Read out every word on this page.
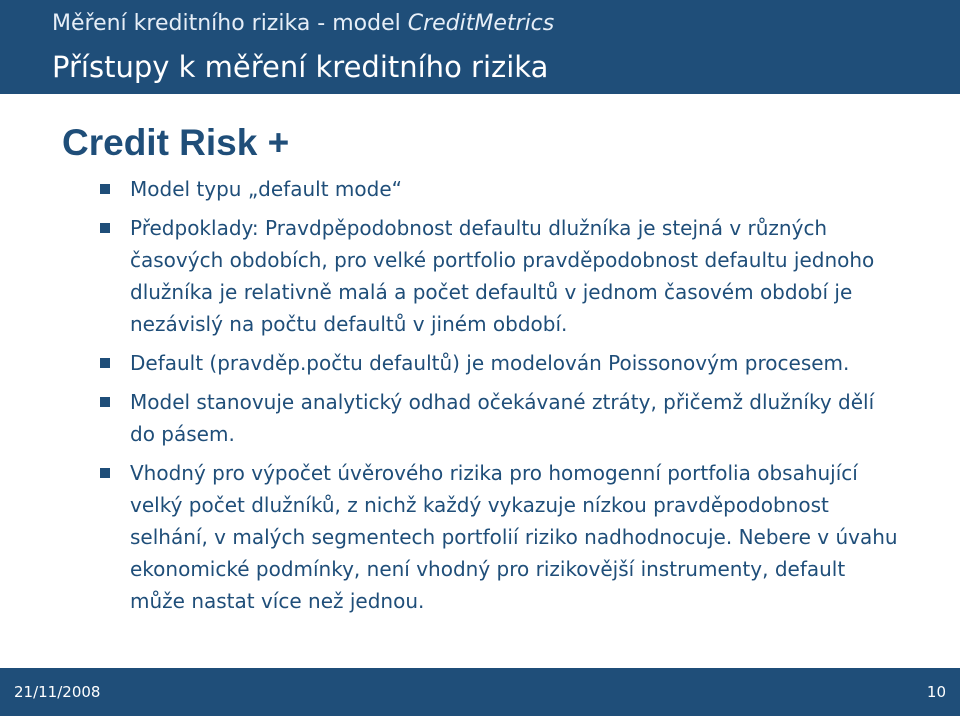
Měření kreditního rizika - model CreditMetrics
Přístupy k měření kreditního rizika
Credit Risk +
Model typu „default mode“
Předpoklady: Pravdpěpodobnost defaultu dlužníka je stejná v různých časových obdobích, pro velké portfolio pravděpodobnost defaultu jednoho dlužníka je relativně malá a počet defaultů v jednom časovém období je nezávislý na počtu defaultů v jiném období.
Default (pravděp.počtu defaultů) je modelován Poissonovým procesem.
Model stanovuje analytický odhad očekávané ztráty, přičemž dlužníky dělí do pásem.
Vhodný pro výpočet úvěrového rizika pro homogenní portfolia obsahující velký počet dlužníků, z nichž každý vykazuje nízkou pravděpodobnost selhání, v malých segmentech portfolií riziko nadhodnocuje. Nebere v úvahu ekonomické podmínky, není vhodný pro rizikovější instrumenty, default může nastat více než jednou.
21/11/2008	10
